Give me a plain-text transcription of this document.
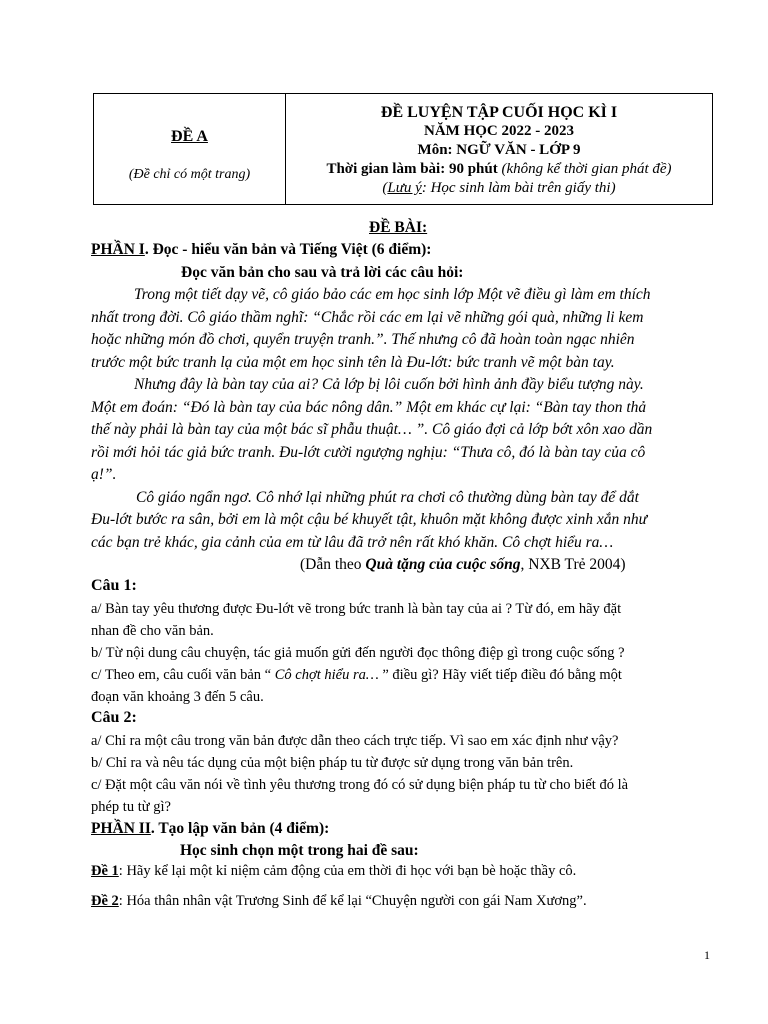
ĐỀ A
(Đề chỉ có một trang)
ĐỀ LUYỆN TẬP CUỐI HỌC KÌ I
NĂM HỌC 2022 - 2023
Môn: NGỮ VĂN - LỚP 9
Thời gian làm bài: 90 phút (không kể thời gian phát đề)
(Lưu ý: Học sinh làm bài trên giấy thi)
ĐỀ BÀI:
PHẦN I. Đọc - hiểu văn bản và Tiếng Việt (6 điểm):
Đọc văn bản cho sau và trả lời các câu hỏi:
Trong một tiết dạy vẽ, cô giáo bảo các em học sinh lớp Một vẽ điều gì làm em thích
nhất trong đời. Cô giáo thầm nghĩ: “Chắc rồi các em lại vẽ những gói quà, những li kem
hoặc những món đồ chơi, quyển truyện tranh.”. Thế nhưng cô đã hoàn toàn ngạc nhiên
trước một bức tranh lạ của một em học sinh tên là Đu-lớt: bức tranh vẽ một bàn tay.
Nhưng đây là bàn tay của ai? Cả lớp bị lôi cuốn bởi hình ảnh đầy biểu tượng này.
Một em đoán: “Đó là bàn tay của bác nông dân.” Một em khác cự lại: “Bàn tay thon thả
thế này phải là bàn tay của một bác sĩ phẫu thuật… ”. Cô giáo đợi cả lớp bớt xôn xao dần
rồi mới hỏi tác giả bức tranh. Đu-lớt cười ngượng nghịu: “Thưa cô, đó là bàn tay của cô
ạ!”.
Cô giáo ngẩn ngơ. Cô nhớ lại những phút ra chơi cô thường dùng bàn tay để dắt
Đu-lớt bước ra sân, bởi em là một cậu bé khuyết tật, khuôn mặt không được xinh xắn như
các bạn trẻ khác, gia cảnh của em từ lâu đã trở nên rất khó khăn. Cô chợt hiểu ra…
(Dẫn theo Quà tặng của cuộc sống, NXB Trẻ 2004)
Câu 1:
a/ Bàn tay yêu thương được Đu-lớt vẽ trong bức tranh là bàn tay của ai ? Từ đó, em hãy đặt
nhan đề cho văn bản.
b/ Từ nội dung câu chuyện, tác giả muốn gửi đến người đọc thông điệp gì trong cuộc sống ?
c/ Theo em, câu cuối văn bản “ Cô chợt hiểu ra… ” điều gì? Hãy viết tiếp điều đó bằng một
đoạn văn khoảng 3 đến 5 câu.
Câu 2:
a/ Chỉ ra một câu trong văn bản được dẫn theo cách trực tiếp. Vì sao em xác định như vậy?
b/ Chỉ ra và nêu tác dụng của một biện pháp tu từ được sử dụng trong văn bản trên.
c/ Đặt một câu văn nói về tình yêu thương trong đó có sử dụng biện pháp tu từ cho biết đó là
phép tu từ gì?
PHẦN II. Tạo lập văn bản (4 điểm):
Học sinh chọn một trong hai đề sau:
Đề 1: Hãy kể lại một kỉ niệm cảm động của em thời đi học với bạn bè hoặc thầy cô.
Đề 2: Hóa thân nhân vật Trương Sinh để kể lại “Chuyện người con gái Nam Xương”.
1
